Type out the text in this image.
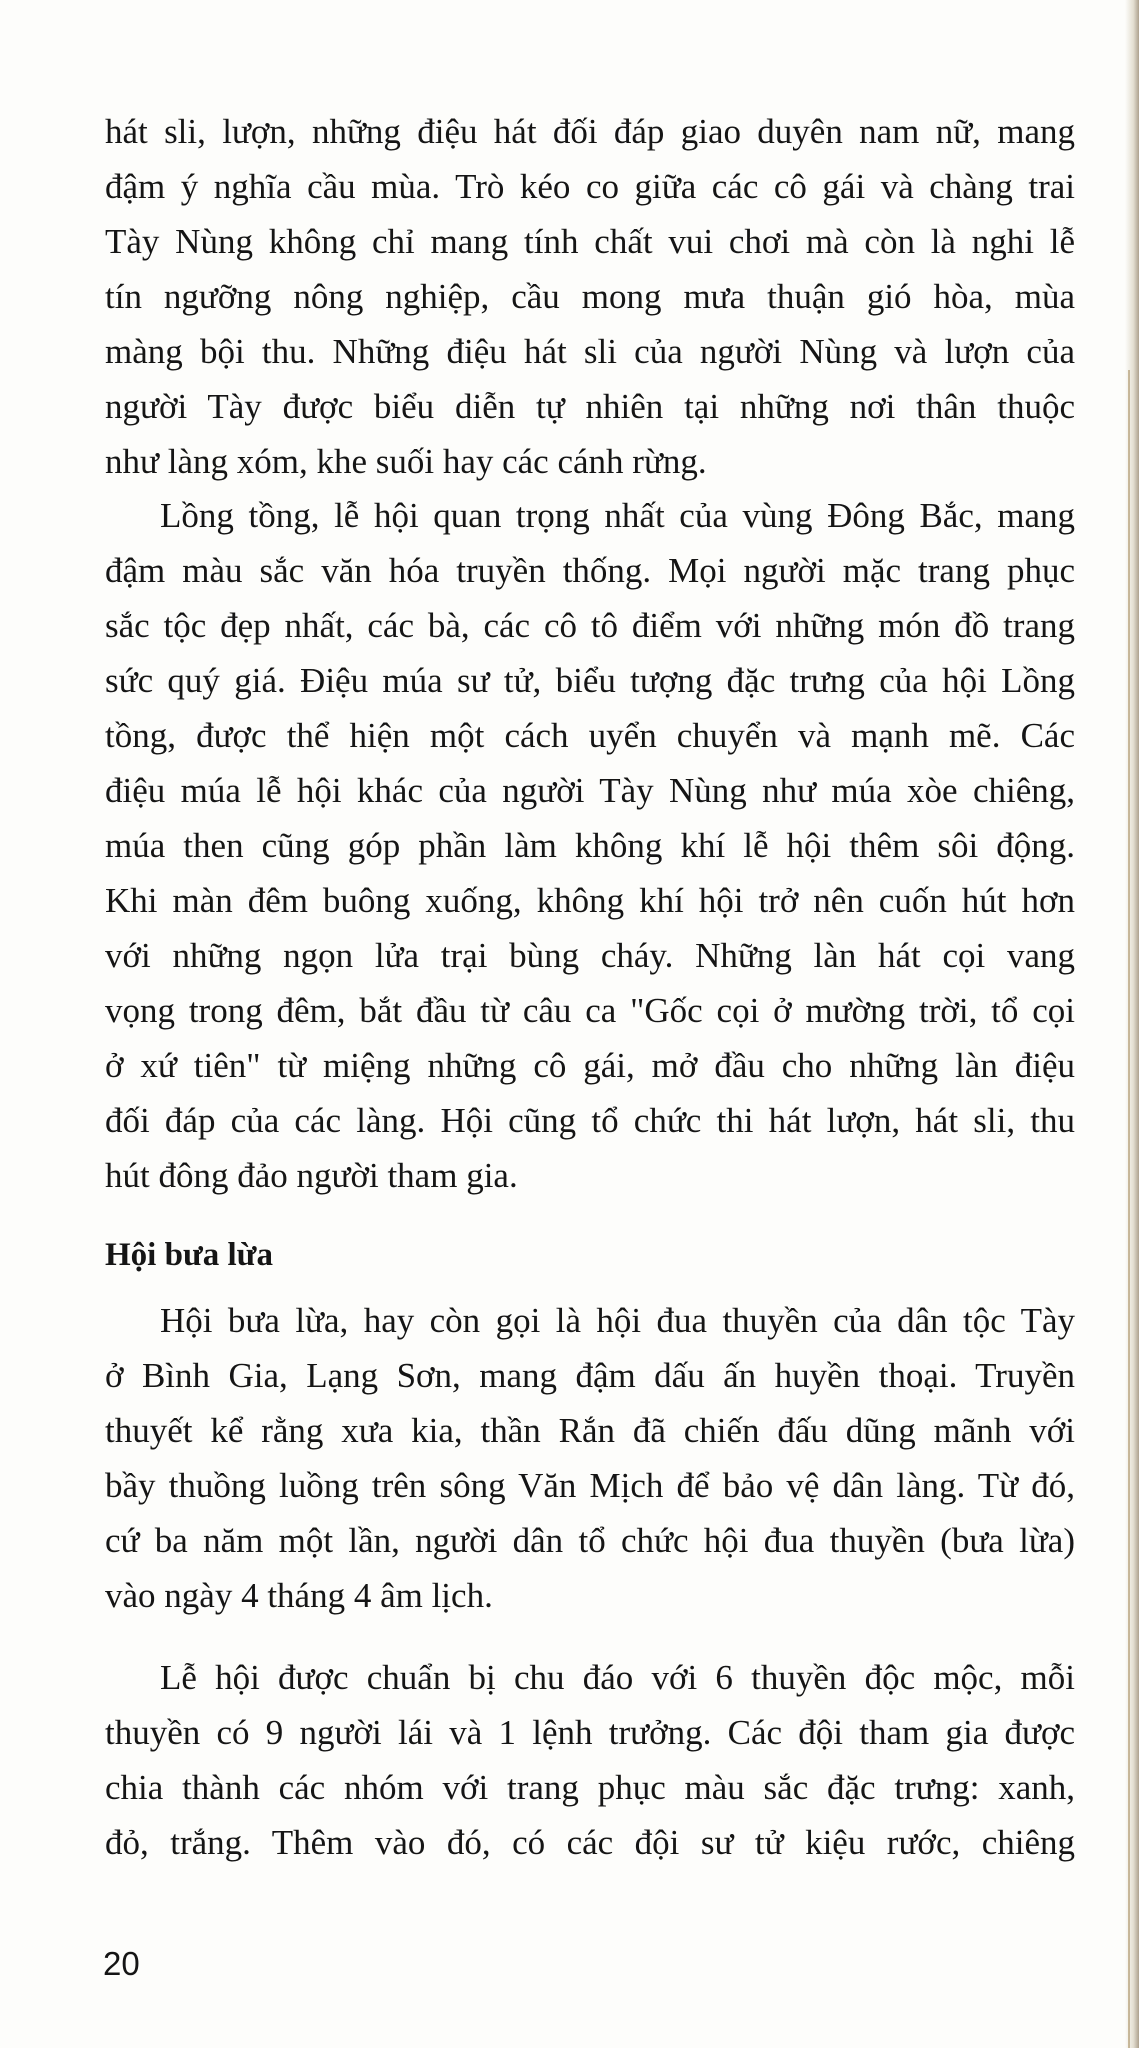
hát sli, lượn, những điệu hát đối đáp giao duyên nam nữ, mang
đậm ý nghĩa cầu mùa. Trò kéo co giữa các cô gái và chàng trai
Tày Nùng không chỉ mang tính chất vui chơi mà còn là nghi lễ
tín ngưỡng nông nghiệp, cầu mong mưa thuận gió hòa, mùa
màng bội thu. Những điệu hát sli của người Nùng và lượn của
người Tày được biểu diễn tự nhiên tại những nơi thân thuộc
như làng xóm, khe suối hay các cánh rừng.
Lồng tồng, lễ hội quan trọng nhất của vùng Đông Bắc, mang
đậm màu sắc văn hóa truyền thống. Mọi người mặc trang phục
sắc tộc đẹp nhất, các bà, các cô tô điểm với những món đồ trang
sức quý giá. Điệu múa sư tử, biểu tượng đặc trưng của hội Lồng
tồng, được thể hiện một cách uyển chuyển và mạnh mẽ. Các
điệu múa lễ hội khác của người Tày Nùng như múa xòe chiêng,
múa then cũng góp phần làm không khí lễ hội thêm sôi động.
Khi màn đêm buông xuống, không khí hội trở nên cuốn hút hơn
với những ngọn lửa trại bùng cháy. Những làn hát cọi vang
vọng trong đêm, bắt đầu từ câu ca "Gốc cọi ở mường trời, tổ cọi
ở xứ tiên" từ miệng những cô gái, mở đầu cho những làn điệu
đối đáp của các làng. Hội cũng tổ chức thi hát lượn, hát sli, thu
hút đông đảo người tham gia.
Hội bưa lừa
Hội bưa lừa, hay còn gọi là hội đua thuyền của dân tộc Tày
ở Bình Gia, Lạng Sơn, mang đậm dấu ấn huyền thoại. Truyền
thuyết kể rằng xưa kia, thần Rắn đã chiến đấu dũng mãnh với
bầy thuồng luồng trên sông Văn Mịch để bảo vệ dân làng. Từ đó,
cứ ba năm một lần, người dân tổ chức hội đua thuyền (bưa lừa)
vào ngày 4 tháng 4 âm lịch.
Lễ hội được chuẩn bị chu đáo với 6 thuyền độc mộc, mỗi
thuyền có 9 người lái và 1 lệnh trưởng. Các đội tham gia được
chia thành các nhóm với trang phục màu sắc đặc trưng: xanh,
đỏ, trắng. Thêm vào đó, có các đội sư tử kiệu rước, chiêng
20
